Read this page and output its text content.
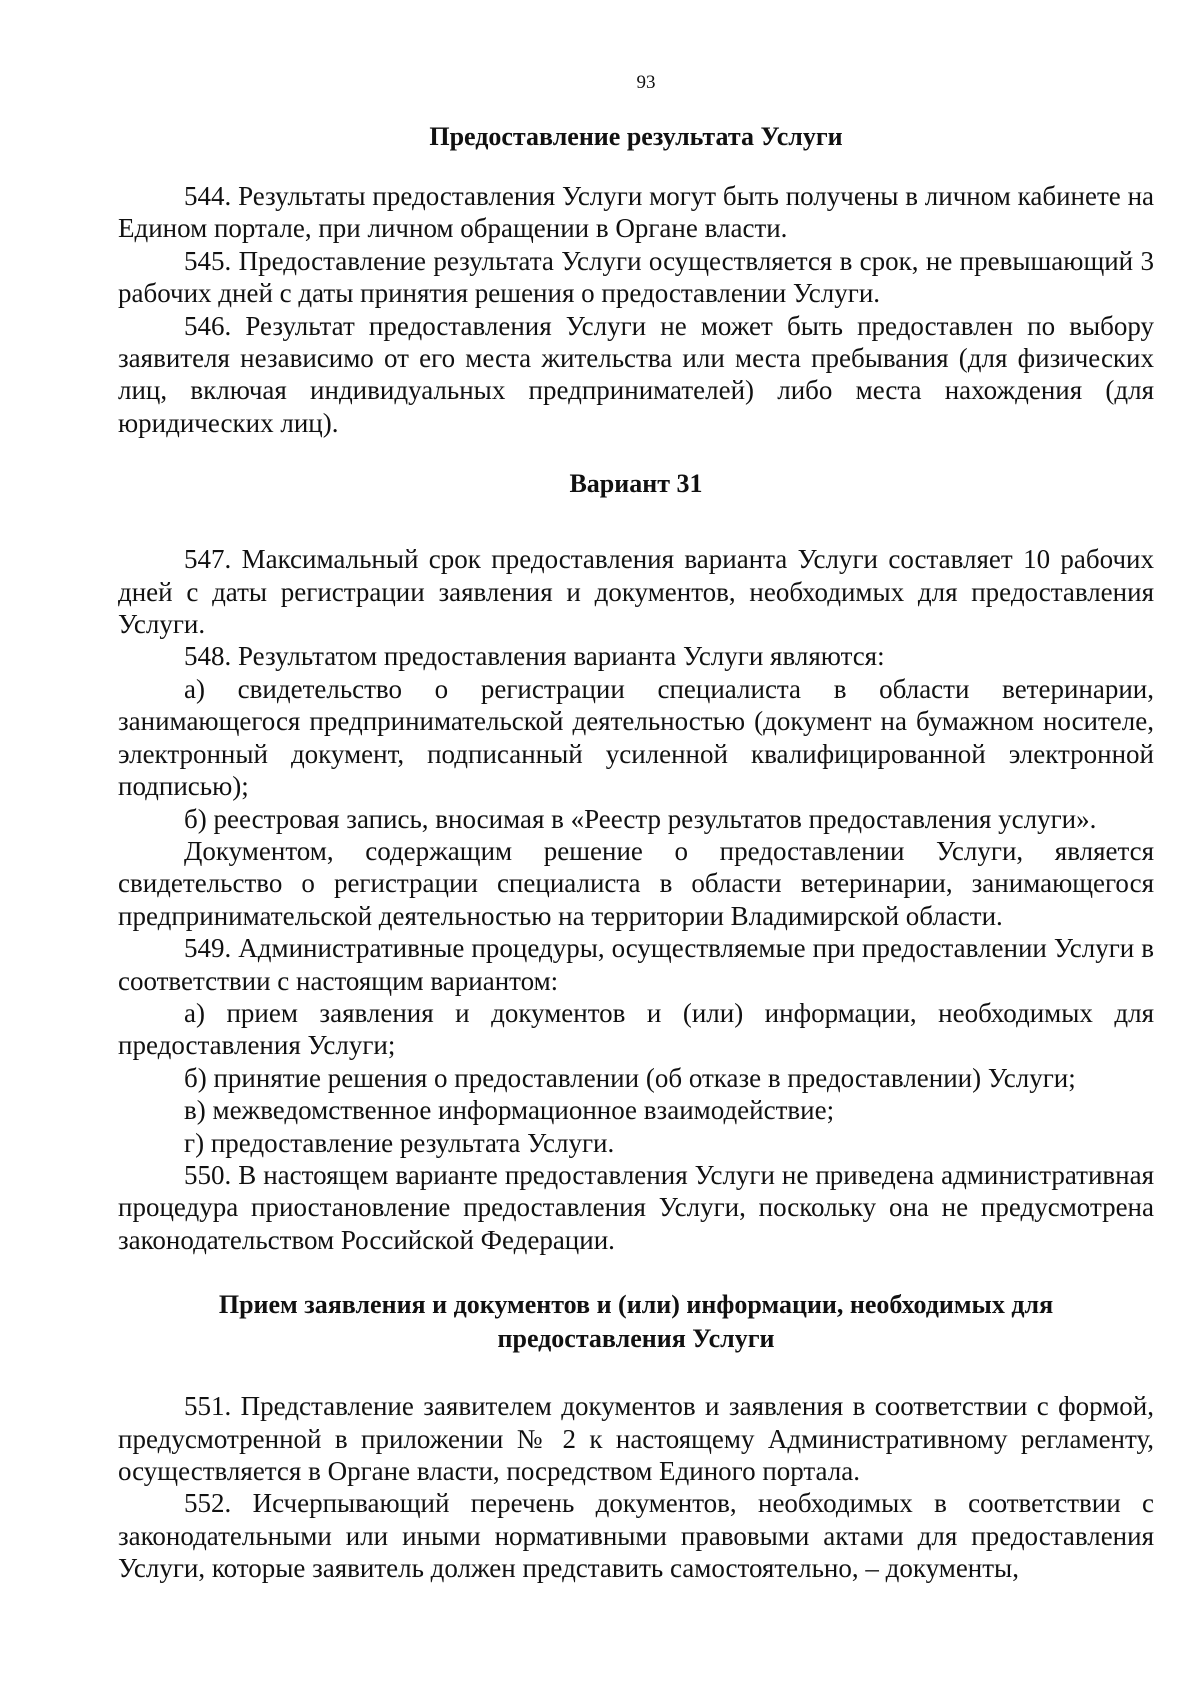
93
Предоставление результата Услуги

544. Результаты предоставления Услуги могут быть получены в личном кабинете на Едином портале, при личном обращении в Органе власти.

545. Предоставление результата Услуги осуществляется в срок, не превышающий 3 рабочих дней с даты принятия решения о предоставлении Услуги.

546. Результат предоставления Услуги не может быть предоставлен по выбору заявителя независимо от его места жительства или места пребывания (для физических лиц, включая индивидуальных предпринимателей) либо места нахождения (для юридических лиц).

Вариант 31

547. Максимальный срок предоставления варианта Услуги составляет 10 рабочих дней с даты регистрации заявления и документов, необходимых для предоставления Услуги.

548. Результатом предоставления варианта Услуги являются:

а) свидетельство о регистрации специалиста в области ветеринарии, занимающегося предпринимательской деятельностью (документ на бумажном носителе, электронный документ, подписанный усиленной квалифицированной электронной подписью);

б) реестровая запись, вносимая в «Реестр результатов предоставления услуги».

Документом, содержащим решение о предоставлении Услуги, является свидетельство о регистрации специалиста в области ветеринарии, занимающегося предпринимательской деятельностью на территории Владимирской области.

549. Административные процедуры, осуществляемые при предоставлении Услуги в соответствии с настоящим вариантом:

а) прием заявления и документов и (или) информации, необходимых для предоставления Услуги;

б) принятие решения о предоставлении (об отказе в предоставлении) Услуги;

в) межведомственное информационное взаимодействие;

г) предоставление результата Услуги.

550. В настоящем варианте предоставления Услуги не приведена административная процедура приостановление предоставления Услуги, поскольку она не предусмотрена законодательством Российской Федерации.

Прием заявления и документов и (или) информации, необходимых для
предоставления Услуги

551. Представление заявителем документов и заявления в соответствии с формой, предусмотренной в приложении № 2 к настоящему Административному регламенту, осуществляется в Органе власти, посредством Единого портала.

552. Исчерпывающий перечень документов, необходимых в соответствии с законодательными или иными нормативными правовыми актами для предоставления Услуги, которые заявитель должен представить самостоятельно, – документы,
